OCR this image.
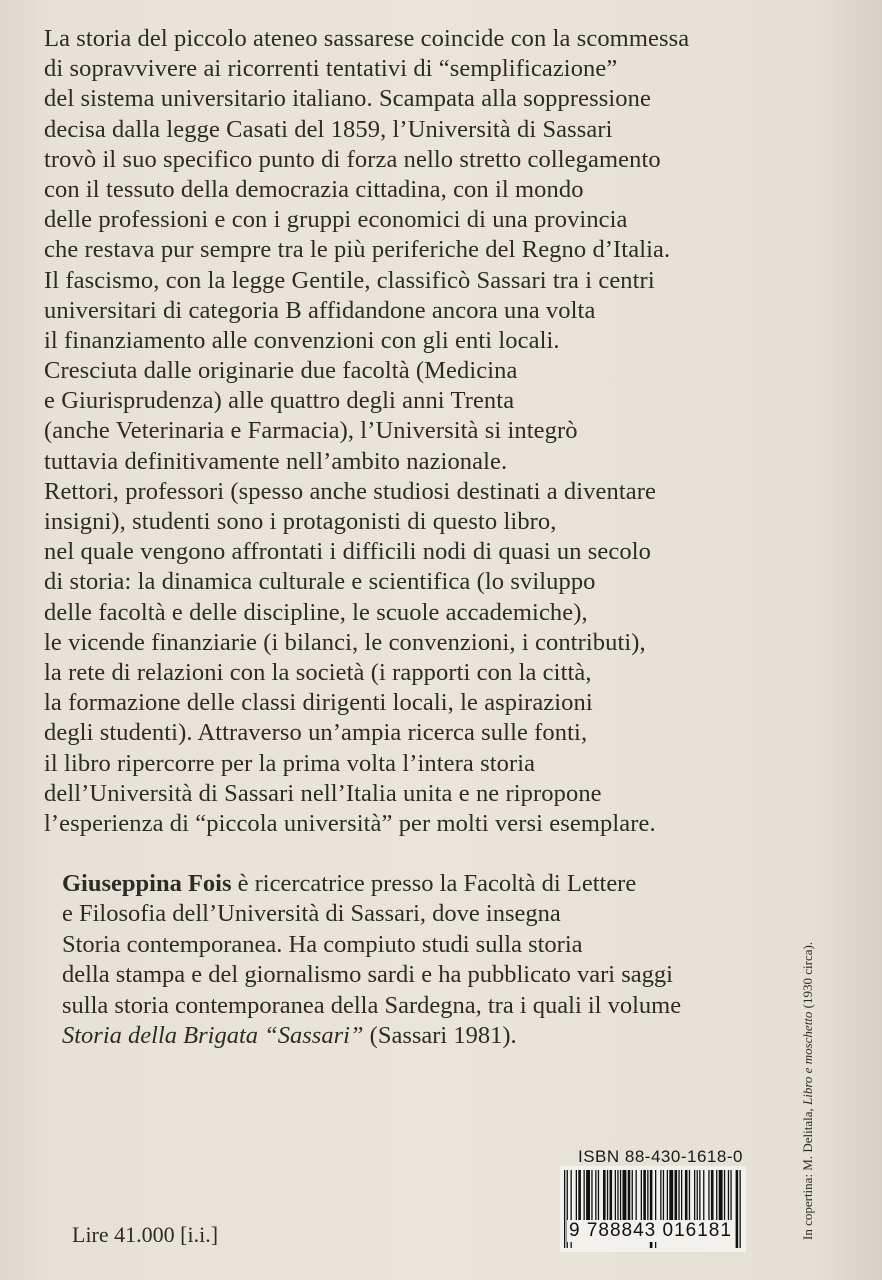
La storia del piccolo ateneo sassarese coincide con la scommessa
di sopravvivere ai ricorrenti tentativi di “semplificazione”
del sistema universitario italiano. Scampata alla soppressione
decisa dalla legge Casati del 1859, l’Università di Sassari
trovò il suo specifico punto di forza nello stretto collegamento
con il tessuto della democrazia cittadina, con il mondo
delle professioni e con i gruppi economici di una provincia
che restava pur sempre tra le più periferiche del Regno d’Italia.
Il fascismo, con la legge Gentile, classificò Sassari tra i centri
universitari di categoria B affidandone ancora una volta
il finanziamento alle convenzioni con gli enti locali.
Cresciuta dalle originarie due facoltà (Medicina
e Giurisprudenza) alle quattro degli anni Trenta
(anche Veterinaria e Farmacia), l’Università si integrò
tuttavia definitivamente nell’ambito nazionale.
Rettori, professori (spesso anche studiosi destinati a diventare
insigni), studenti sono i protagonisti di questo libro,
nel quale vengono affrontati i difficili nodi di quasi un secolo
di storia: la dinamica culturale e scientifica (lo sviluppo
delle facoltà e delle discipline, le scuole accademiche),
le vicende finanziarie (i bilanci, le convenzioni, i contributi),
la rete di relazioni con la società (i rapporti con la città,
la formazione delle classi dirigenti locali, le aspirazioni
degli studenti). Attraverso un’ampia ricerca sulle fonti,
il libro ripercorre per la prima volta l’intera storia
dell’Università di Sassari nell’Italia unita e ne ripropone
l’esperienza di “piccola università” per molti versi esemplare.
Giuseppina Fois è ricercatrice presso la Facoltà di Lettere
e Filosofia dell’Università di Sassari, dove insegna
Storia contemporanea. Ha compiuto studi sulla storia
della stampa e del giornalismo sardi e ha pubblicato vari saggi
sulla storia contemporanea della Sardegna, tra i quali il volume
Storia della Brigata “Sassari” (Sassari 1981).
Lire 41.000 [i.i.]
ISBN 88-430-1618-0
9 788843 016181	In copertina: M. Delitala, Libro e moschetto (1930 circa).
